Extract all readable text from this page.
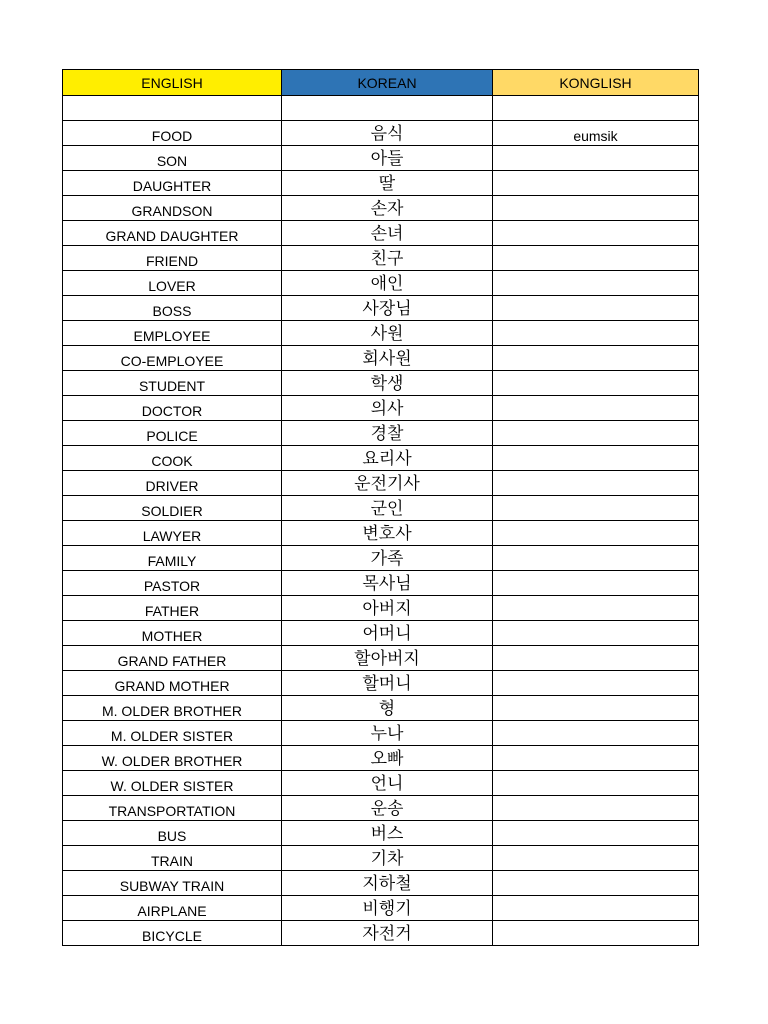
ENGLISH	KOREAN	KONGLISH

FOOD	음식	eumsik
SON	아들	
DAUGHTER	딸	
GRANDSON	손자	
GRAND DAUGHTER	손녀	
FRIEND	친구	
LOVER	애인	
BOSS	사장님	
EMPLOYEE	사원	
CO-EMPLOYEE	회사원	
STUDENT	학생	
DOCTOR	의사	
POLICE	경찰	
COOK	요리사	
DRIVER	운전기사	
SOLDIER	군인	
LAWYER	변호사	
FAMILY	가족	
PASTOR	목사님	
FATHER	아버지	
MOTHER	어머니	
GRAND FATHER	할아버지	
GRAND MOTHER	할머니	
M. OLDER BROTHER	형	
M. OLDER SISTER	누나	
W. OLDER BROTHER	오빠	
W. OLDER SISTER	언니	
TRANSPORTATION	운송	
BUS	버스	
TRAIN	기차	
SUBWAY TRAIN	지하철	
AIRPLANE	비행기	
BICYCLE	자전거	
